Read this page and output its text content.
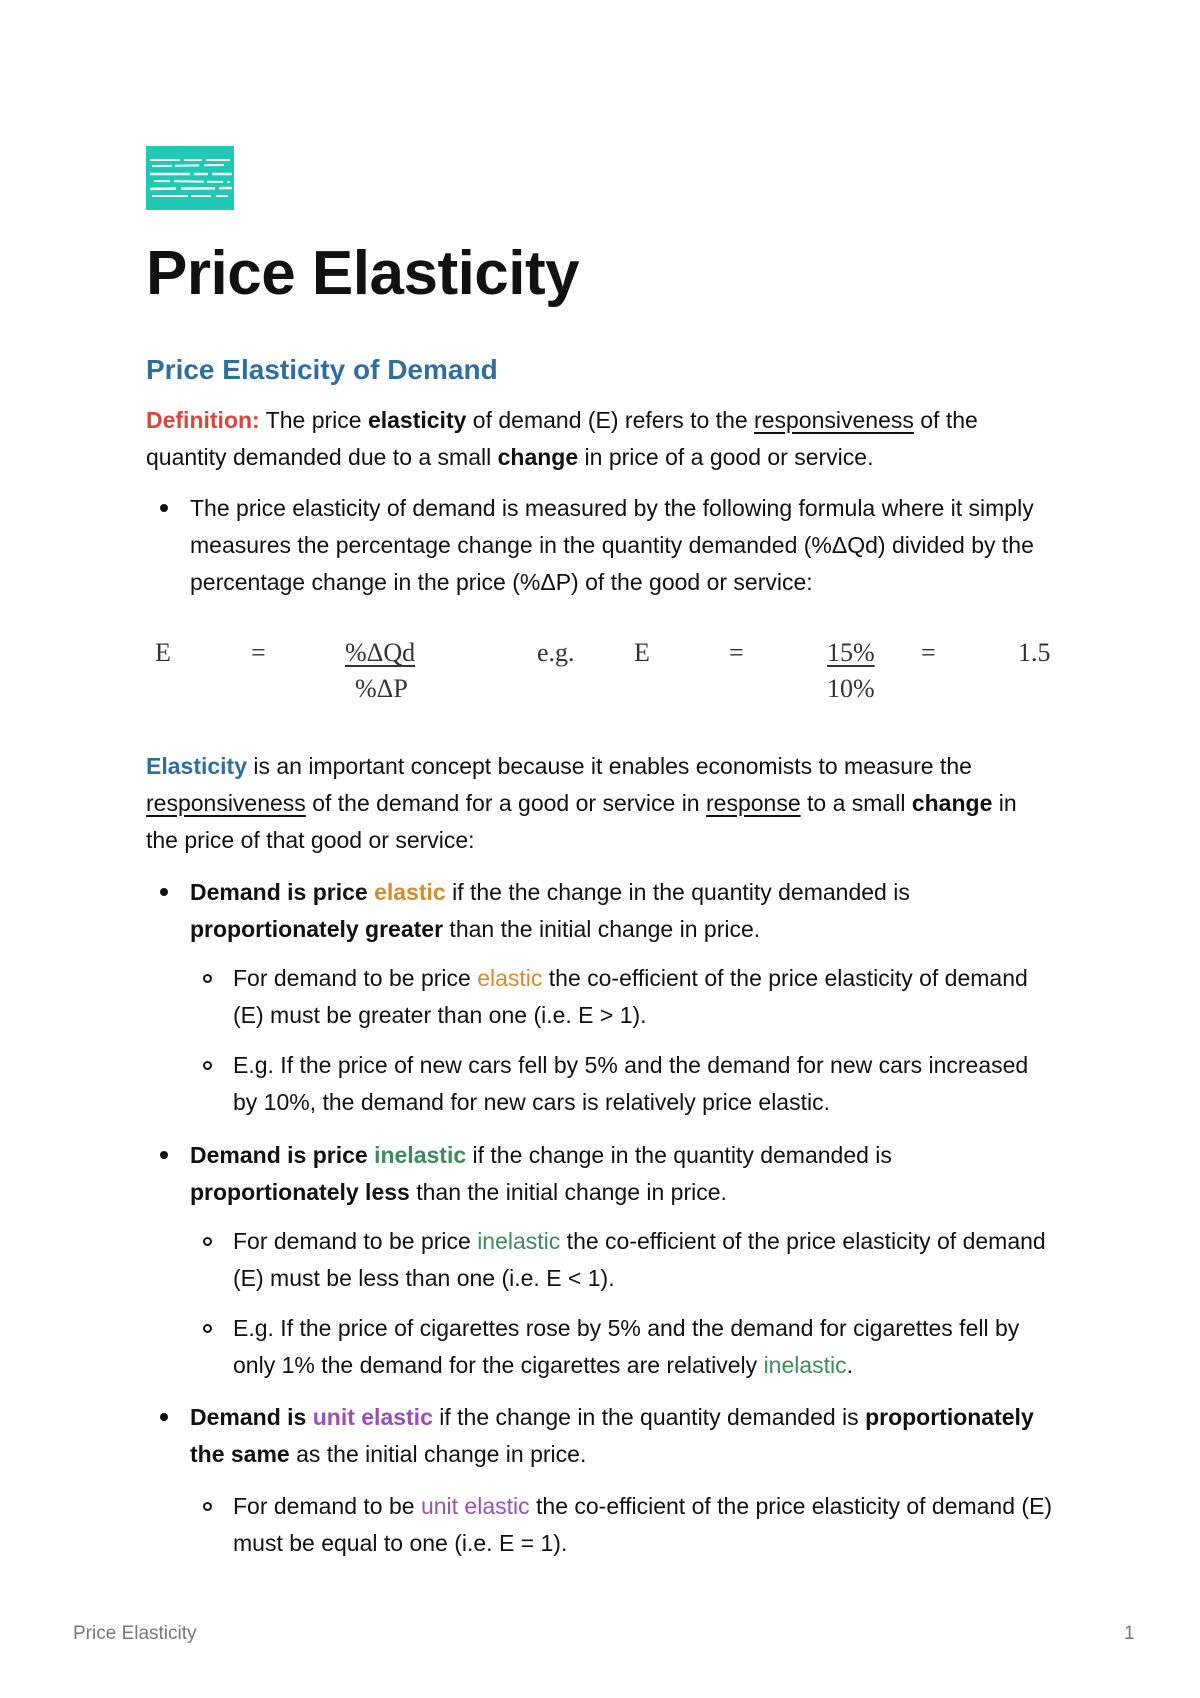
Price Elasticity
Price Elasticity of Demand

Definition: The price elasticity of demand (E) refers to the responsiveness of the quantity demanded due to a small change in price of a good or service.

The price elasticity of demand is measured by the following formula where it simply measures the percentage change in the quantity demanded (%ΔQd) divided by the percentage change in the price (%ΔP) of the good or service:

E	=	%ΔQd
%ΔP
e.g. E	=	15%
10%
=	1.5

Elasticity is an important concept because it enables economists to measure the responsiveness of the demand for a good or service in response to a small change in the price of that good or service:

Demand is price elastic if the the change in the quantity demanded is proportionately greater than the initial change in price.

For demand to be price elastic the co-efficient of the price elasticity of demand (E) must be greater than one (i.e. E > 1).

E.g. If the price of new cars fell by 5% and the demand for new cars increased by 10%, the demand for new cars is relatively price elastic.

Demand is price inelastic if the change in the quantity demanded is proportionately less than the initial change in price.

For demand to be price inelastic the co-efficient of the price elasticity of demand (E) must be less than one (i.e. E < 1).

E.g. If the price of cigarettes rose by 5% and the demand for cigarettes fell by only 1% the demand for the cigarettes are relatively inelastic.

Demand is unit elastic if the change in the quantity demanded is proportionately the same as the initial change in price.

For demand to be unit elastic the co-efficient of the price elasticity of demand (E) must be equal to one (i.e. E = 1).

Price Elasticity	1
